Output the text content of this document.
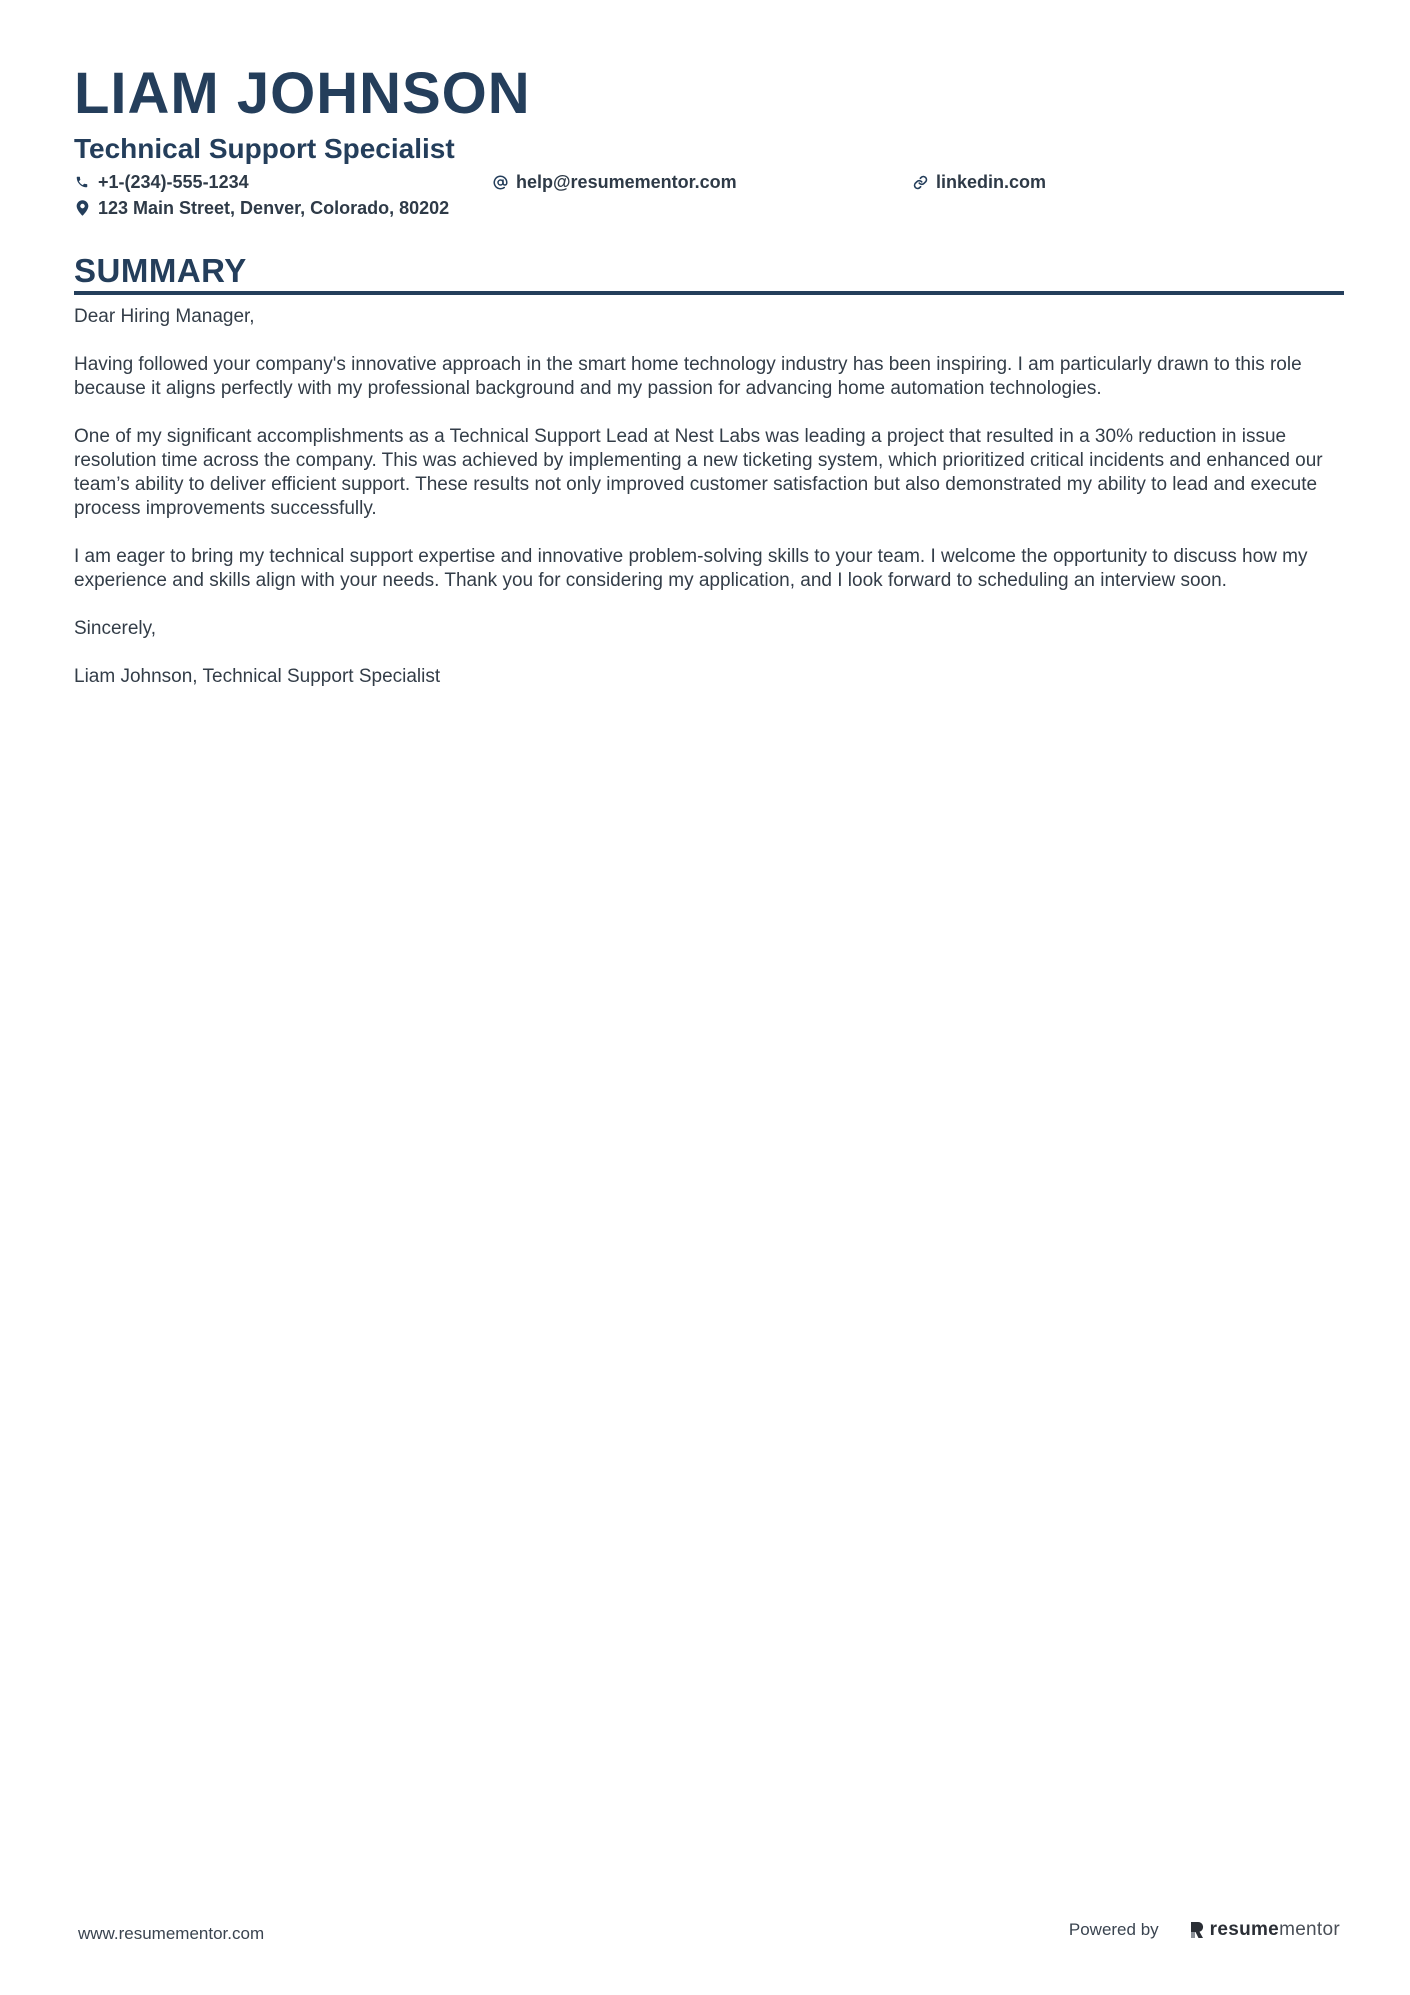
LIAM JOHNSON
Technical Support Specialist
+1-(234)-555-1234	help@resumementor.com	linkedin.com
123 Main Street, Denver, Colorado, 80202
SUMMARY

Dear Hiring Manager,

Having followed your company's innovative approach in the smart home technology industry has been inspiring. I am particularly drawn to this role because it aligns perfectly with my professional background and my passion for advancing home automation technologies.

One of my significant accomplishments as a Technical Support Lead at Nest Labs was leading a project that resulted in a 30% reduction in issue resolution time across the company. This was achieved by implementing a new ticketing system, which prioritized critical incidents and enhanced our team’s ability to deliver efficient support. These results not only improved customer satisfaction but also demonstrated my ability to lead and execute process improvements successfully.

I am eager to bring my technical support expertise and innovative problem-solving skills to your team. I welcome the opportunity to discuss how my experience and skills align with your needs. Thank you for considering my application, and I look forward to scheduling an interview soon.

Sincerely,

Liam Johnson, Technical Support Specialist

www.resumementor.com	Powered by	resume mentor
